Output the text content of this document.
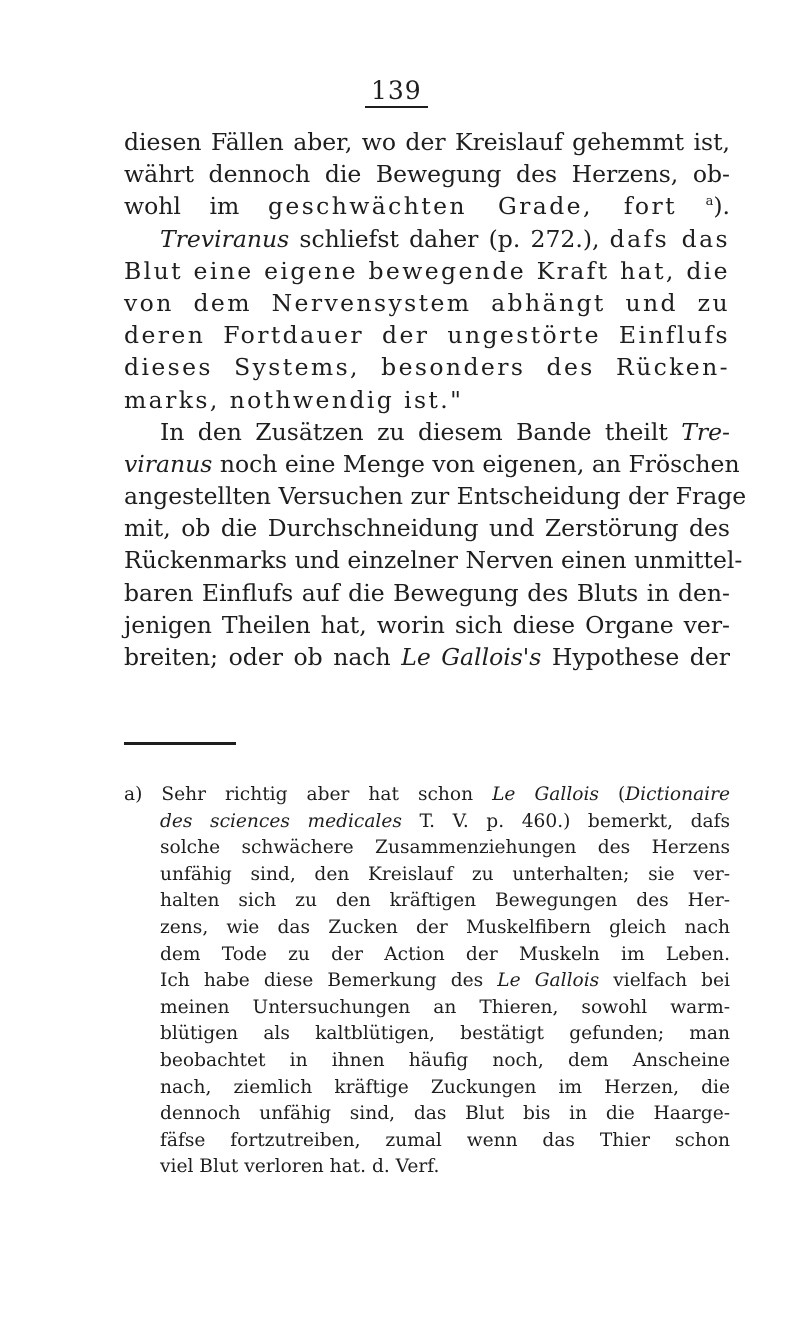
139
diesen Fällen aber, wo der Kreislauf gehemmt ist,
währt dennoch die Bewegung des Herzens, ob-
wohl im geschwächten Grade, fort $^a$).
Treviranus schliefst daher (p. 272.), dafs das
Blut eine eigene bewegende Kraft hat, die
von dem Nervensystem abhängt und zu
deren Fortdauer der ungestörte Einflufs
dieses Systems, besonders des Rücken-
marks, nothwendig ist."
In den Zusätzen zu diesem Bande theilt Tre-
viranus noch eine Menge von eigenen, an Fröschen
angestellten Versuchen zur Entscheidung der Frage
mit, ob die Durchschneidung und Zerstörung des
Rückenmarks und einzelner Nerven einen unmittel-
baren Einflufs auf die Bewegung des Bluts in den-
jenigen Theilen hat, worin sich diese Organe ver-
breiten; oder ob nach Le Gallois's Hypothese der
a) Sehr richtig aber hat schon Le Gallois (Dictionaire
des sciences medicales T. V. p. 460.) bemerkt, dafs
solche schwächere Zusammenziehungen des Herzens
unfähig sind, den Kreislauf zu unterhalten; sie ver-
halten sich zu den kräftigen Bewegungen des Her-
zens, wie das Zucken der Muskelfibern gleich nach
dem Tode zu der Action der Muskeln im Leben.
Ich habe diese Bemerkung des Le Gallois vielfach bei
meinen Untersuchungen an Thieren, sowohl warm-
blütigen als kaltblütigen, bestätigt gefunden; man
beobachtet in ihnen häufig noch, dem Anscheine
nach, ziemlich kräftige Zuckungen im Herzen, die
dennoch unfähig sind, das Blut bis in die Haarge-
fäfse fortzutreiben, zumal wenn das Thier schon
viel Blut verloren hat. d. Verf.
